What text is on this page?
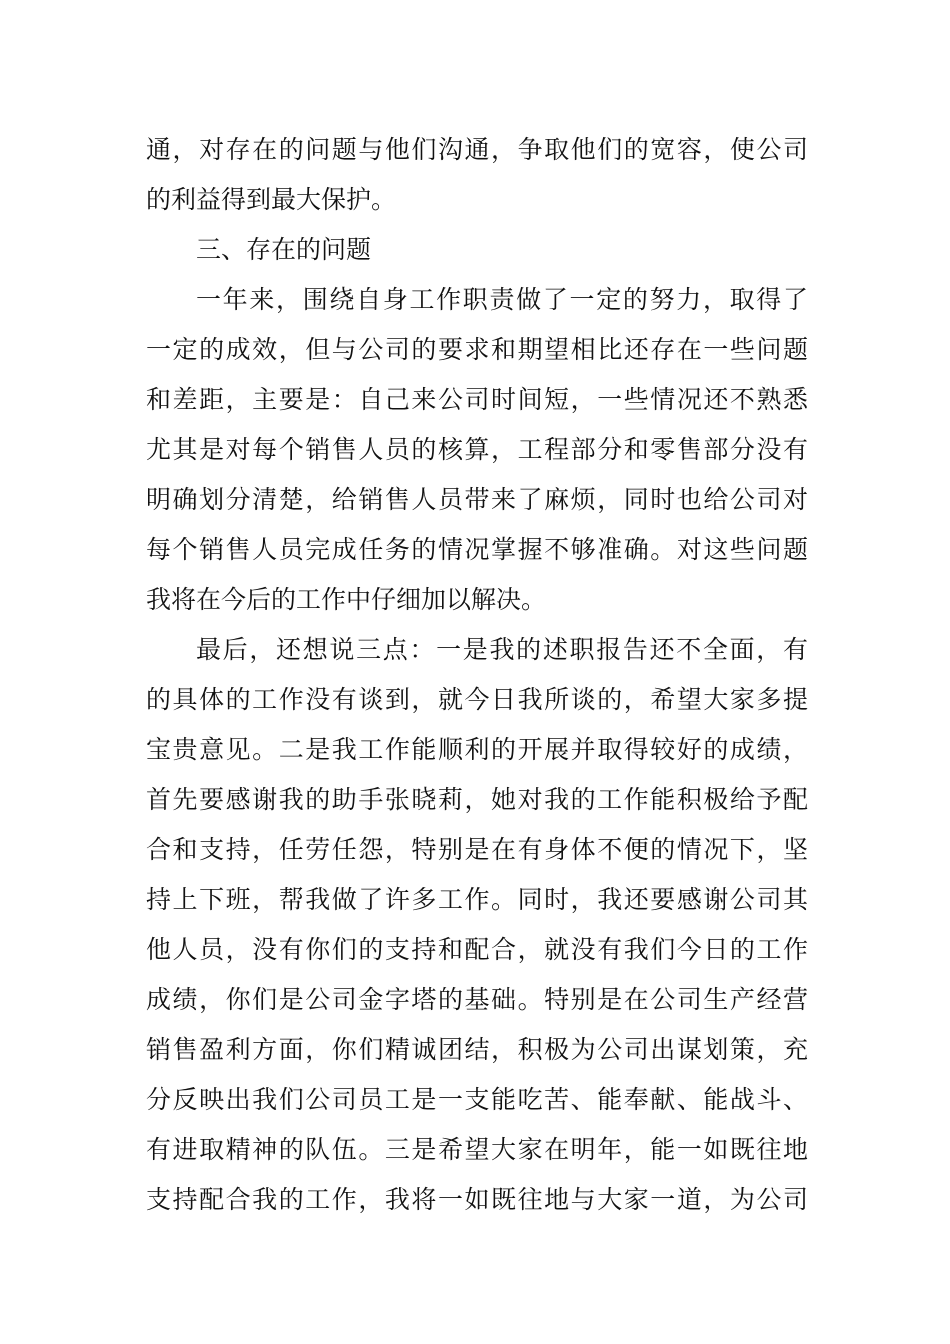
通，对存在的问题与他们沟通，争取他们的宽容，使公司
的利益得到最大保护。
三、存在的问题
一年来，围绕自身工作职责做了一定的努力，取得了
一定的成效，但与公司的要求和期望相比还存在一些问题
和差距，主要是：自己来公司时间短，一些情况还不熟悉
尤其是对每个销售人员的核算，工程部分和零售部分没有
明确划分清楚，给销售人员带来了麻烦，同时也给公司对
每个销售人员完成任务的情况掌握不够准确。对这些问题
我将在今后的工作中仔细加以解决。
最后，还想说三点：一是我的述职报告还不全面，有
的具体的工作没有谈到，就今日我所谈的，希望大家多提
宝贵意见。二是我工作能顺利的开展并取得较好的成绩，
首先要感谢我的助手张晓莉，她对我的工作能积极给予配
合和支持，任劳任怨，特别是在有身体不便的情况下，坚
持上下班，帮我做了许多工作。同时，我还要感谢公司其
他人员，没有你们的支持和配合，就没有我们今日的工作
成绩，你们是公司金字塔的基础。特别是在公司生产经营
销售盈利方面，你们精诚团结，积极为公司出谋划策，充
分反映出我们公司员工是一支能吃苦、能奉献、能战斗、
有进取精神的队伍。三是希望大家在明年，能一如既往地
支持配合我的工作，我将一如既往地与大家一道，为公司
